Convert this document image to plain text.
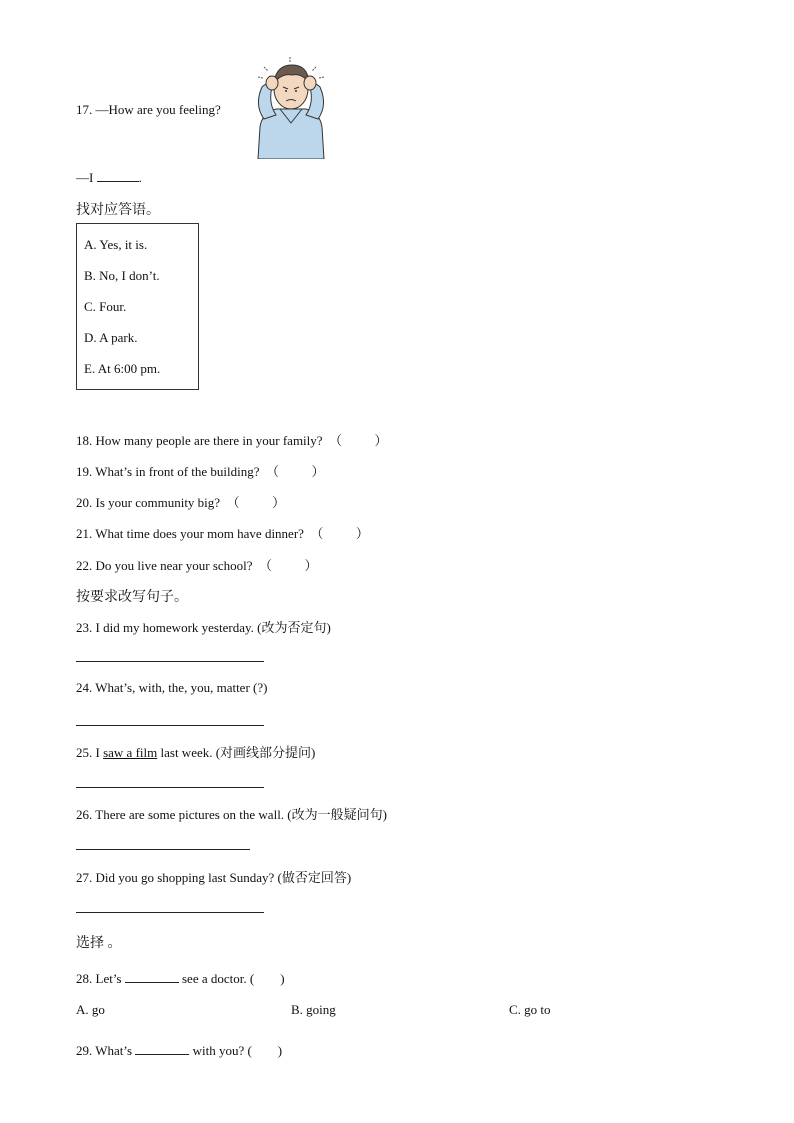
17. —How are you feeling?
—I	.
找对应答语。
A. Yes, it is.
B. No, I don’t.
C. Four.
D. A park.
E. At 6:00 pm.
18. How many people are there in your family?  （          ）
19. What’s in front of the building?  （          ）
20. Is your community big?  （          ）
21. What time does your mom have dinner?  （          ）
22. Do you live near your school?  （          ）
按要求改写句子。
23. I did my homework yesterday. (改为否定句)
24. What’s, with, the, you, matter (?)
25. I saw a film last week. (对画线部分提问)
26. There are some pictures on the wall. (改为一般疑问句)
27. Did you go shopping last Sunday? (做否定回答)
选择 。
28. Let’s	see a doctor. (        )
A. go	B. going	C. go to
29. What’s	with you? (        )
